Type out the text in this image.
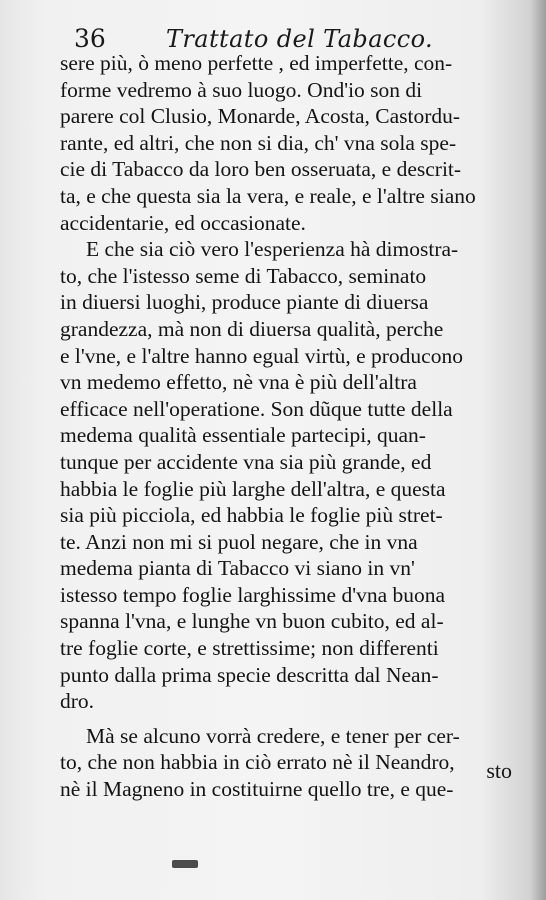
36	Trattato del Tabacco.
sere più, ò meno perfette , ed imperfette, con-
forme vedremo à suo luogo. Ond'io son di
parere col Clusio, Monarde, Acosta, Castordu-
rante, ed altri, che non si dia, ch' vna sola spe-
cie di Tabacco da loro ben osseruata, e descrit-
ta, e che questa sia la vera, e reale, e l'altre siano
accidentarie, ed occasionate.
E che sia ciò vero l'esperienza hà dimostra-
to, che l'istesso seme di Tabacco, seminato
in diuersi luoghi, produce piante di diuersa
grandezza, mà non di diuersa qualità, perche
e l'vne, e l'altre hanno egual virtù, e producono
vn medemo effetto, nè vna è più dell'altra
efficace nell'operatione. Son dũque tutte della
medema qualità essentiale partecipi, quan-
tunque per accidente vna sia più grande, ed
habbia le foglie più larghe dell'altra, e questa
sia più picciola, ed habbia le foglie più stret-
te. Anzi non mi si puol negare, che in vna
medema pianta di Tabacco vi siano in vn'
istesso tempo foglie larghissime d'vna buona
spanna l'vna, e lunghe vn buon cubito, ed al-
tre foglie corte, e strettissime; non differenti
punto dalla prima specie descritta dal Nean-
dro.
Mà se alcuno vorrà credere, e tener per cer-
to, che non habbia in ciò errato nè il Neandro,
nè il Magneno in costituirne quello tre, e que-
sto
